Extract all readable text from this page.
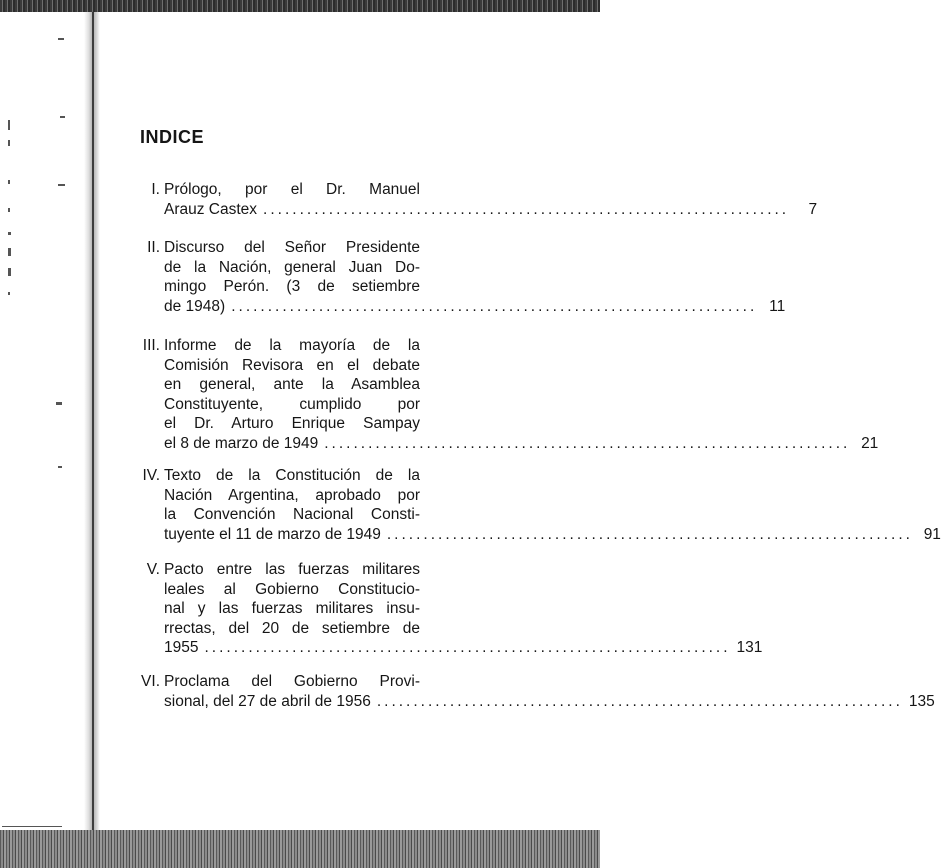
INDICE
I. Prólogo, por el Dr. Manuel
Arauz Castex ........................................................................	7
II. Discurso del Señor Presidente
de la Nación, general Juan Do-
mingo Perón. (3 de setiembre
de 1948) ........................................................................ 11
III. Informe de la mayoría de la
Comisión Revisora en el debate
en general, ante la Asamblea
Constituyente, cumplido por
el Dr. Arturo Enrique Sampay
el 8 de marzo de 1949 ........................................................................ 21
IV. Texto de la Constitución de la
Nación Argentina, aprobado por
la Convención Nacional Consti-
tuyente el 11 de marzo de 1949 ........................................................................ 91
V. Pacto entre las fuerzas militares
leales al Gobierno Constitucio-
nal y las fuerzas militares insu-
rrectas, del 20 de setiembre de
1955 ........................................................................ 131
VI. Proclama del Gobierno Provi-
sional, del 27 de abril de 1956 ........................................................................ 135
